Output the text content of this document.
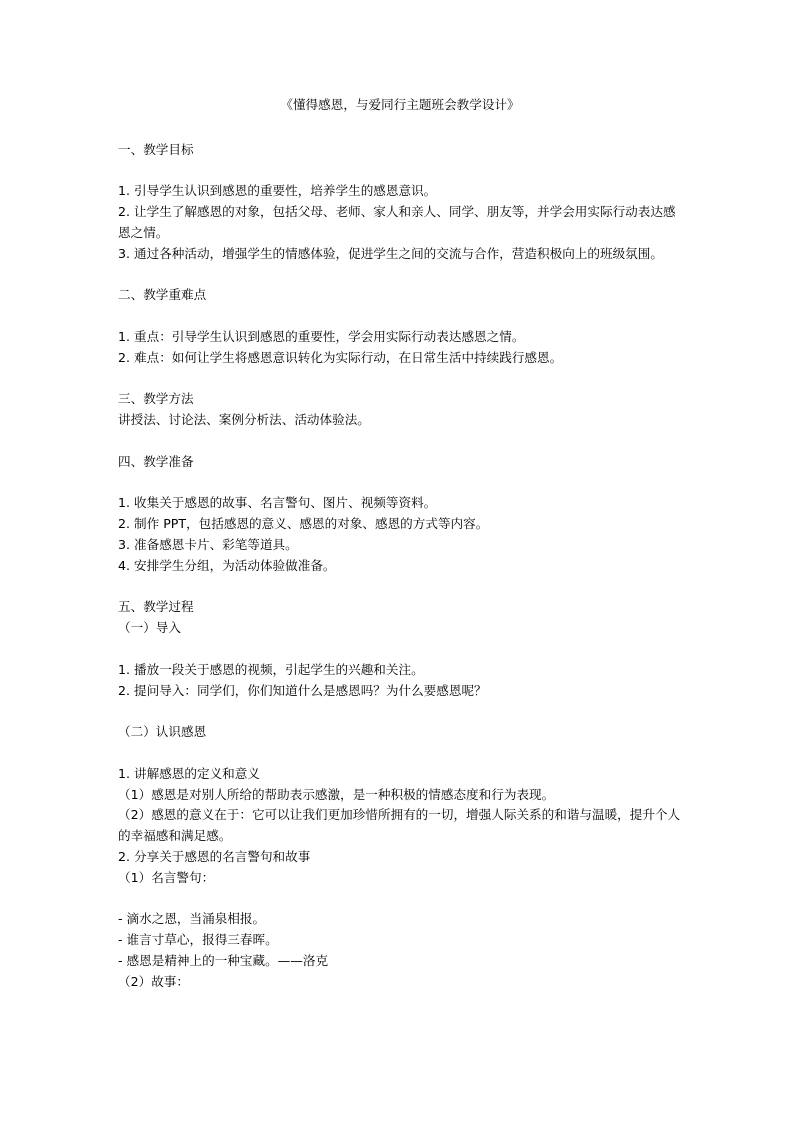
《懂得感恩，与爱同行主题班会教学设计》

一、教学目标

1. 引导学生认识到感恩的重要性，培养学生的感恩意识。

2. 让学生了解感恩的对象，包括父母、老师、家人和亲人、同学、朋友等，并学会用实际行动表达感恩之情。

3. 通过各种活动，增强学生的情感体验，促进学生之间的交流与合作，营造积极向上的班级氛围。

二、教学重难点

1. 重点：引导学生认识到感恩的重要性，学会用实际行动表达感恩之情。

2. 难点：如何让学生将感恩意识转化为实际行动，在日常生活中持续践行感恩。

三、教学方法

讲授法、讨论法、案例分析法、活动体验法。

四、教学准备

1. 收集关于感恩的故事、名言警句、图片、视频等资料。

2. 制作 PPT，包括感恩的意义、感恩的对象、感恩的方式等内容。

3. 准备感恩卡片、彩笔等道具。

4. 安排学生分组，为活动体验做准备。

五、教学过程

（一）导入

1. 播放一段关于感恩的视频，引起学生的兴趣和关注。

2. 提问导入：同学们，你们知道什么是感恩吗？为什么要感恩呢？

（二）认识感恩

1. 讲解感恩的定义和意义

（1）感恩是对别人所给的帮助表示感激，是一种积极的情感态度和行为表现。

（2）感恩的意义在于：它可以让我们更加珍惜所拥有的一切，增强人际关系的和谐与温暖，提升个人的幸福感和满足感。

2. 分享关于感恩的名言警句和故事

（1）名言警句：

- 滴水之恩，当涌泉相报。

- 谁言寸草心，报得三春晖。

- 感恩是精神上的一种宝藏。——洛克

（2）故事：
